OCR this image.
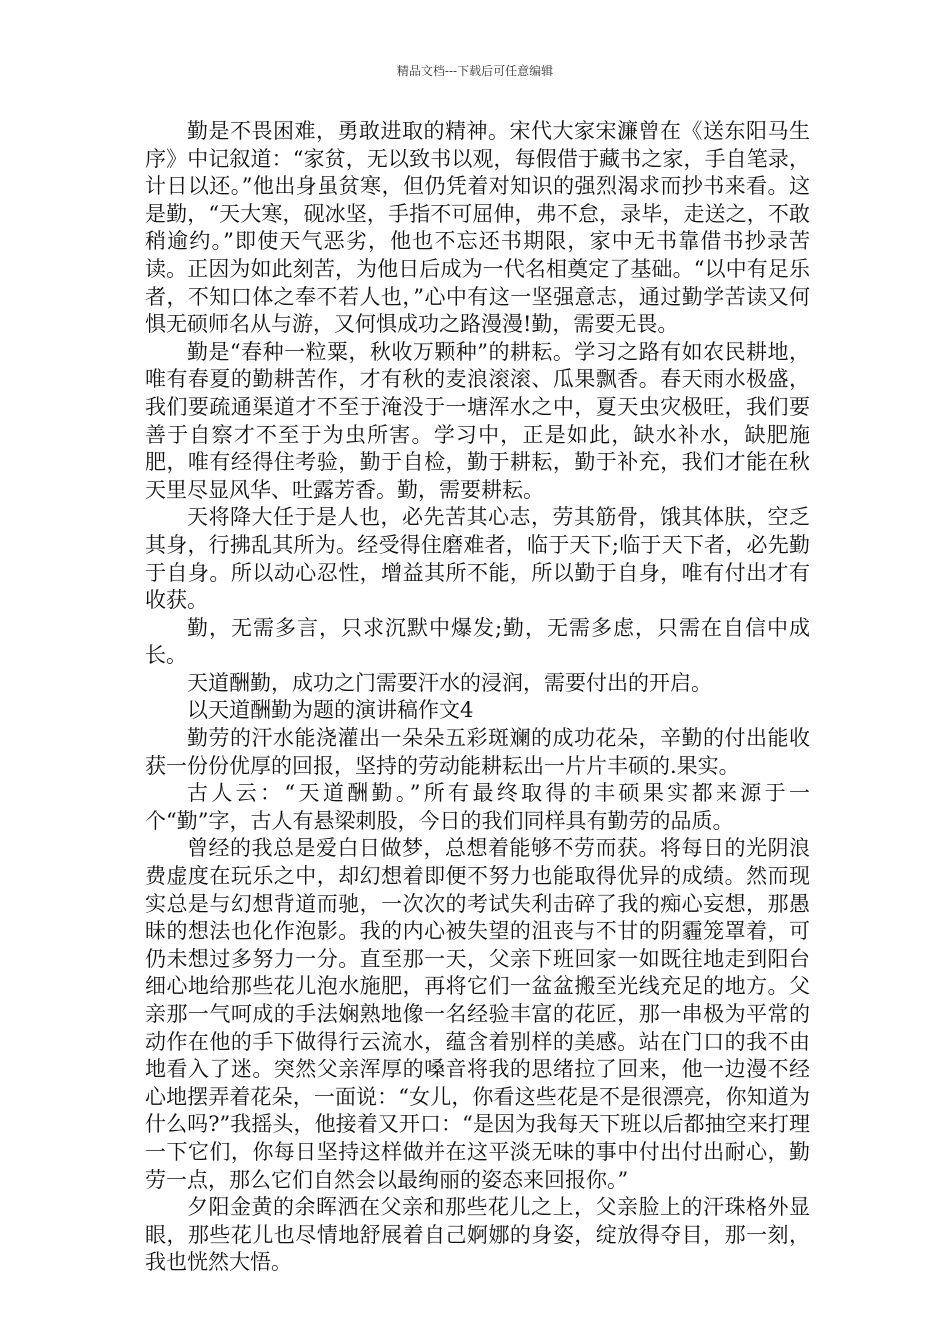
精品文档---下载后可任意编辑

勤是不畏困难，勇敢进取的精神。宋代大家宋濂曾在《送东阳马生序》中记叙道：“家贫，无以致书以观，每假借于藏书之家，手自笔录，计日以还。”他出身虽贫寒，但仍凭着对知识的强烈渴求而抄书来看。这是勤，“天大寒，砚冰坚，手指不可屈伸，弗不怠，录毕，走送之，不敢稍逾约。”即使天气恶劣，他也不忘还书期限，家中无书靠借书抄录苦读。正因为如此刻苦，为他日后成为一代名相奠定了基础。“以中有足乐者，不知口体之奉不若人也，”心中有这一坚强意志，通过勤学苦读又何惧无硕师名从与游，又何惧成功之路漫漫!勤，需要无畏。

勤是“春种一粒粟，秋收万颗种”的耕耘。学习之路有如农民耕地，唯有春夏的勤耕苦作，才有秋的麦浪滚滚、瓜果飘香。春天雨水极盛，我们要疏通渠道才不至于淹没于一塘浑水之中，夏天虫灾极旺，我们要善于自察才不至于为虫所害。学习中，正是如此，缺水补水，缺肥施肥，唯有经得住考验，勤于自检，勤于耕耘，勤于补充，我们才能在秋天里尽显风华、吐露芳香。勤，需要耕耘。

天将降大任于是人也，必先苦其心志，劳其筋骨，饿其体肤，空乏其身，行拂乱其所为。经受得住磨难者，临于天下;临于天下者，必先勤于自身。所以动心忍性，增益其所不能，所以勤于自身，唯有付出才有收获。

勤，无需多言，只求沉默中爆发;勤，无需多虑，只需在自信中成长。

天道酬勤，成功之门需要汗水的浸润，需要付出的开启。

以天道酬勤为题的演讲稿作文4

勤劳的汗水能浇灌出一朵朵五彩斑斓的成功花朵，辛勤的付出能收获一份份优厚的回报，坚持的劳动能耕耘出一片片丰硕的.果实。

古人云：“天道酬勤。”所有最终取得的丰硕果实都来源于一个“勤”字，古人有悬梁刺股，今日的我们同样具有勤劳的品质。

曾经的我总是爱白日做梦，总想着能够不劳而获。将每日的光阴浪费虚度在玩乐之中，却幻想着即便不努力也能取得优异的成绩。然而现实总是与幻想背道而驰，一次次的考试失利击碎了我的痴心妄想，那愚昧的想法也化作泡影。我的内心被失望的沮丧与不甘的阴霾笼罩着，可仍未想过多努力一分。直至那一天，父亲下班回家一如既往地走到阳台细心地给那些花儿泡水施肥，再将它们一盆盆搬至光线充足的地方。父亲那一气呵成的手法娴熟地像一名经验丰富的花匠，那一串极为平常的动作在他的手下做得行云流水，蕴含着别样的美感。站在门口的我不由地看入了迷。突然父亲浑厚的嗓音将我的思绪拉了回来，他一边漫不经心地摆弄着花朵，一面说：“女儿，你看这些花是不是很漂亮，你知道为什么吗?”我摇头，他接着又开口：“是因为我每天下班以后都抽空来打理一下它们，你每日坚持这样做并在这平淡无味的事中付出付出耐心，勤劳一点，那么它们自然会以最绚丽的姿态来回报你。”

夕阳金黄的余晖洒在父亲和那些花儿之上，父亲脸上的汗珠格外显眼，那些花儿也尽情地舒展着自己婀娜的身姿，绽放得夺目，那一刻，我也恍然大悟。
